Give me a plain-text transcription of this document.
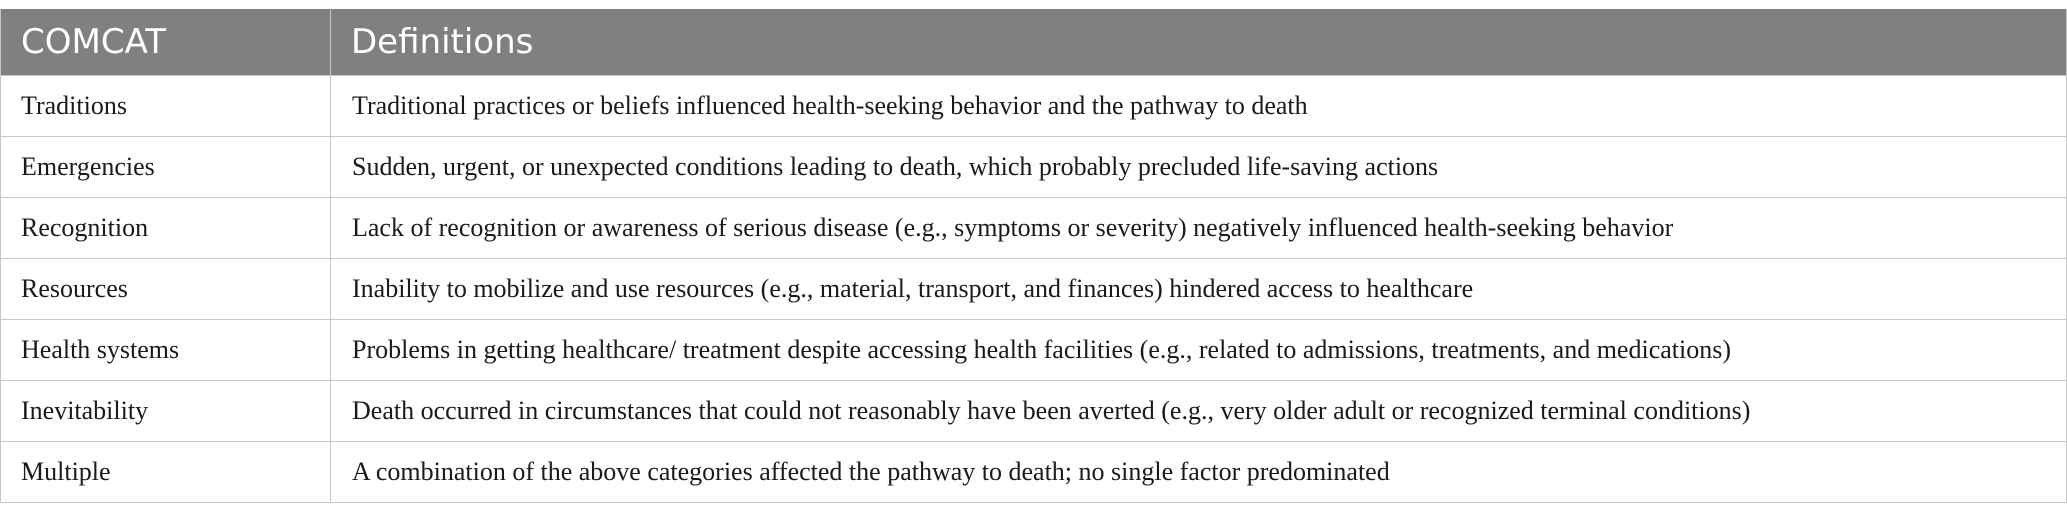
COMCAT	Definitions
Traditions	Traditional practices or beliefs influenced health-seeking behavior and the pathway to death
Emergencies	Sudden, urgent, or unexpected conditions leading to death, which probably precluded life-saving actions
Recognition	Lack of recognition or awareness of serious disease (e.g., symptoms or severity) negatively influenced health-seeking behavior
Resources	Inability to mobilize and use resources (e.g., material, transport, and finances) hindered access to healthcare
Health systems	Problems in getting healthcare/ treatment despite accessing health facilities (e.g., related to admissions, treatments, and medications)
Inevitability	Death occurred in circumstances that could not reasonably have been averted (e.g., very older adult or recognized terminal conditions)
Multiple	A combination of the above categories affected the pathway to death; no single factor predominated
